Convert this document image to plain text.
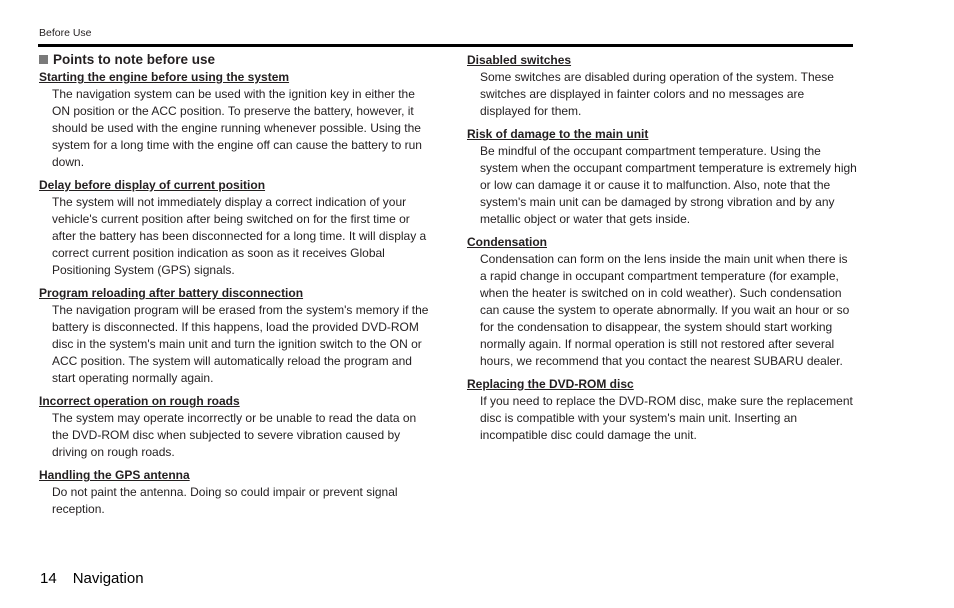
Before Use
Points to note before use
Starting the engine before using the system
The navigation system can be used with the ignition key in either the ON position or the ACC position. To preserve the battery, however, it should be used with the engine running whenever possible. Using the system for a long time with the engine off can cause the battery to run down.
Delay before display of current position
The system will not immediately display a correct indication of your vehicle's current position after being switched on for the first time or after the battery has been disconnected for a long time. It will display a correct current position indication as soon as it receives Global Positioning System (GPS) signals.
Program reloading after battery disconnection
The navigation program will be erased from the system's memory if the battery is disconnected. If this happens, load the provided DVD-ROM disc in the system's main unit and turn the ignition switch to the ON or ACC position. The system will automatically reload the program and start operating normally again.
Incorrect operation on rough roads
The system may operate incorrectly or be unable to read the data on the DVD-ROM disc when subjected to severe vibration caused by driving on rough roads.
Handling the GPS antenna
Do not paint the antenna. Doing so could impair or prevent signal reception.
Disabled switches
Some switches are disabled during operation of the system. These switches are displayed in fainter colors and no messages are displayed for them.
Risk of damage to the main unit
Be mindful of the occupant compartment temperature. Using the system when the occupant compartment temperature is extremely high or low can damage it or cause it to malfunction. Also, note that the system's main unit can be damaged by strong vibration and by any metallic object or water that gets inside.
Condensation
Condensation can form on the lens inside the main unit when there is a rapid change in occupant compartment temperature (for example, when the heater is switched on in cold weather). Such condensation can cause the system to operate abnormally. If you wait an hour or so for the condensation to disappear, the system should start working normally again. If normal operation is still not restored after several hours, we recommend that you contact the nearest SUBARU dealer.
Replacing the DVD-ROM disc
If you need to replace the DVD-ROM disc, make sure the replacement disc is compatible with your system's main unit. Inserting an incompatible disc could damage the unit.
14 Navigation
